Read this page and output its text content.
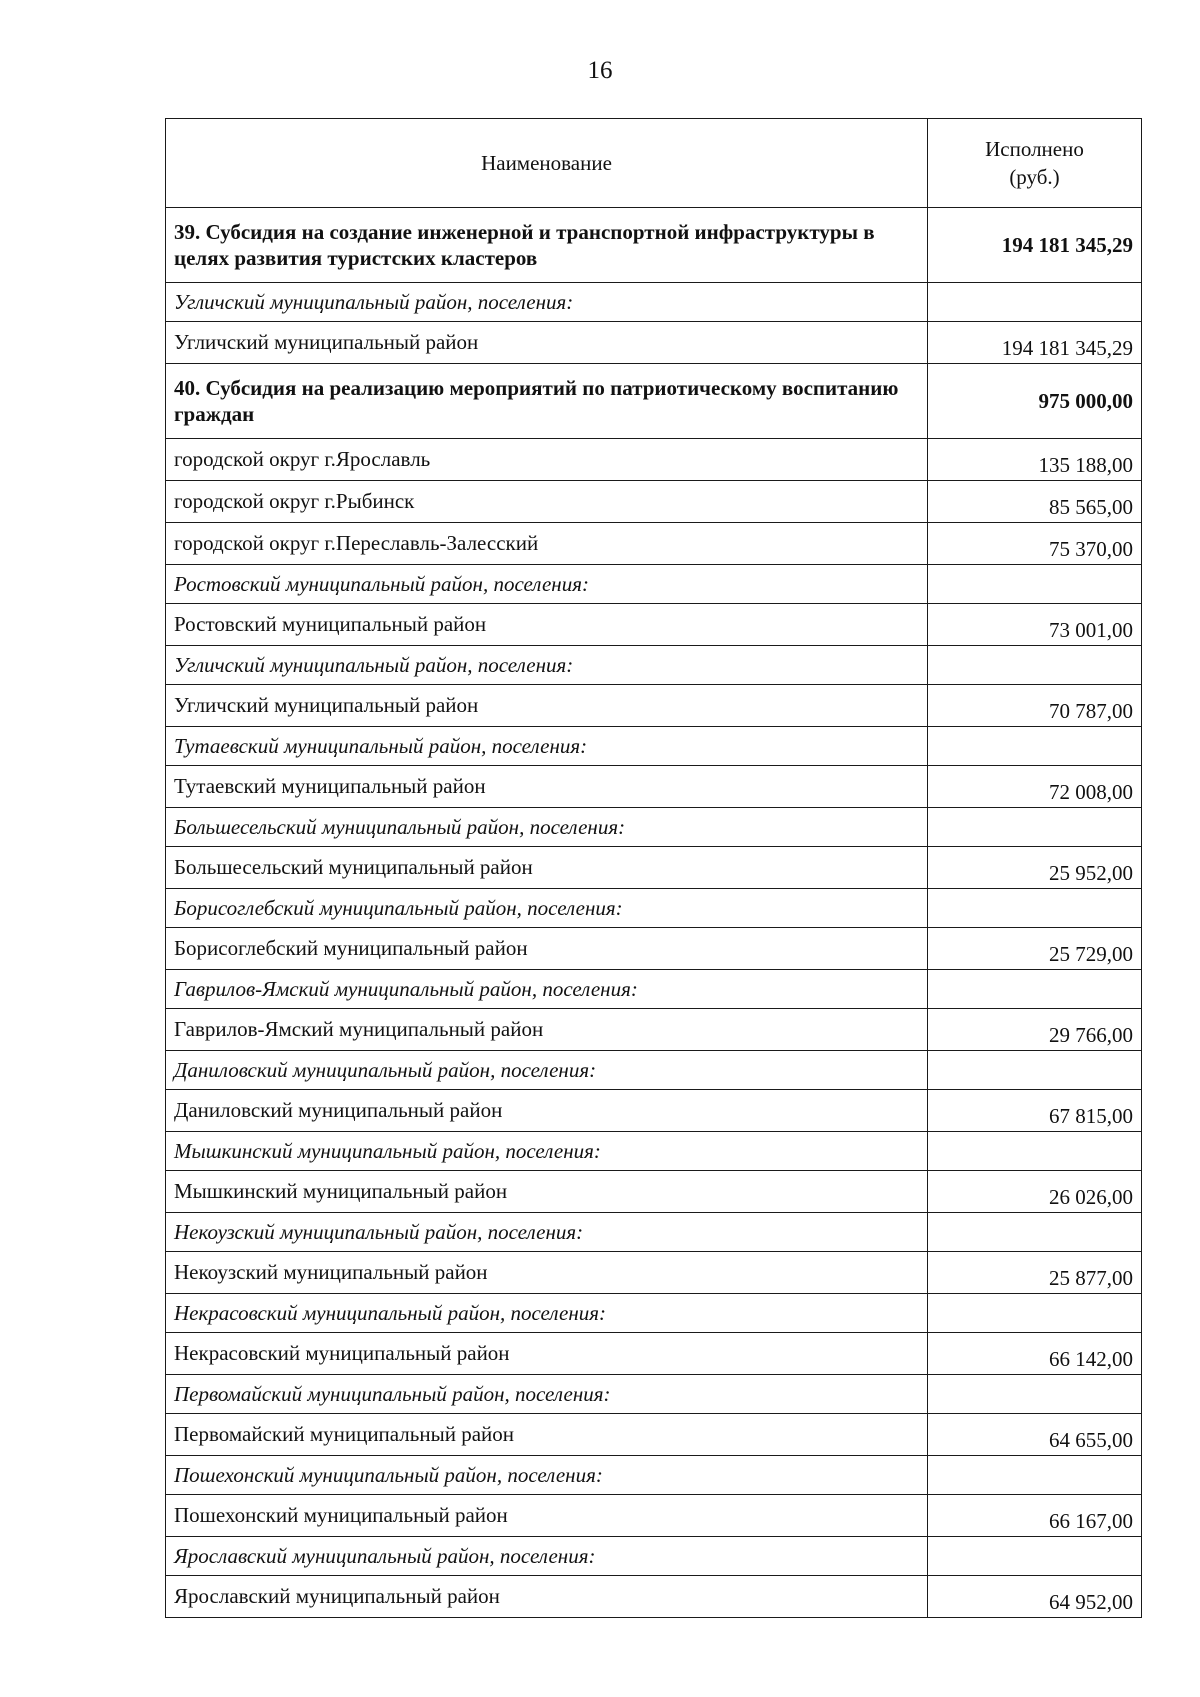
16
Наименование	Исполнено
(руб.)
39. Субсидия на создание инженерной и транспортной инфраструктуры в целях развития туристских кластеров	194 181 345,29
Угличский муниципальный район, поселения:	
Угличский муниципальный район	194 181 345,29
40. Субсидия на реализацию мероприятий по патриотическому воспитанию граждан	975 000,00
городской округ г.Ярославль	135 188,00
городской округ г.Рыбинск	85 565,00
городской округ г.Переславль-Залесский	75 370,00
Ростовский муниципальный район, поселения:	
Ростовский муниципальный район	73 001,00
Угличский муниципальный район, поселения:	
Угличский муниципальный район	70 787,00
Тутаевский муниципальный район, поселения:	
Тутаевский муниципальный район	72 008,00
Большесельский муниципальный район, поселения:	
Большесельский муниципальный район	25 952,00
Борисоглебский муниципальный район, поселения:	
Борисоглебский муниципальный район	25 729,00
Гаврилов-Ямский муниципальный район, поселения:	
Гаврилов-Ямский муниципальный район	29 766,00
Даниловский муниципальный район, поселения:	
Даниловский муниципальный район	67 815,00
Мышкинский муниципальный район, поселения:	
Мышкинский муниципальный район	26 026,00
Некоузский муниципальный район, поселения:	
Некоузский муниципальный район	25 877,00
Некрасовский муниципальный район, поселения:	
Некрасовский муниципальный район	66 142,00
Первомайский муниципальный район, поселения:	
Первомайский муниципальный район	64 655,00
Пошехонский муниципальный район, поселения:	
Пошехонский муниципальный район	66 167,00
Ярославский муниципальный район, поселения:	
Ярославский муниципальный район	64 952,00
